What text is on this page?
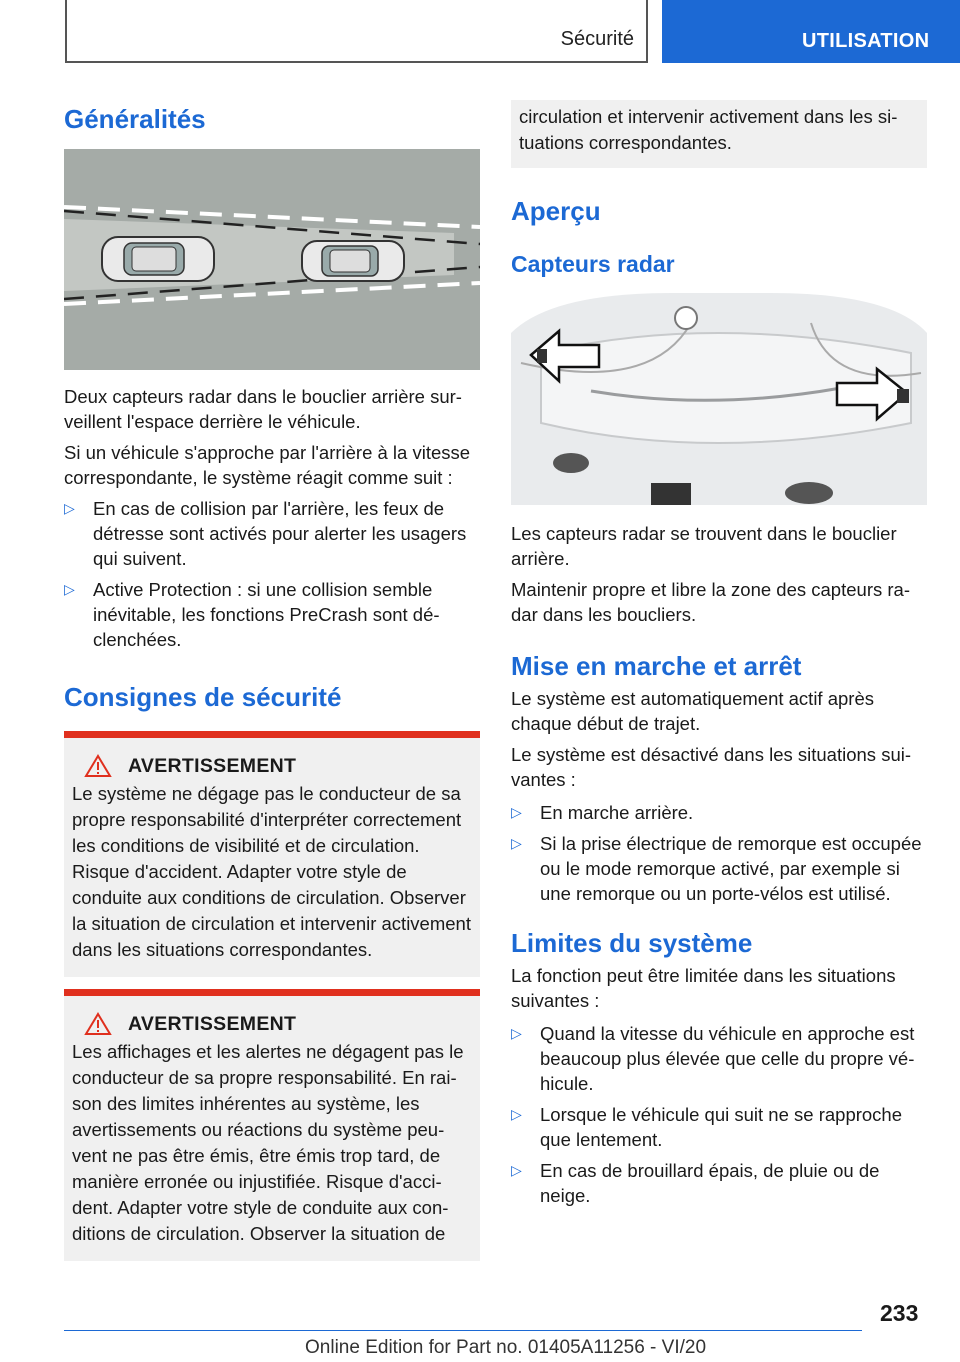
Sécurité	UTILISATION
Généralités

Deux capteurs radar dans le bouclier arrière surveillent l'espace derrière le véhicule.

Si un véhicule s'approche par l'arrière à la vitesse correspondante, le système réagit comme suit :

▷ En cas de collision par l'arrière, les feux de détresse sont activés pour alerter les usagers qui suivent.
▷ Active Protection : si une collision semble inévitable, les fonctions PreCrash sont déclenchées.
Consignes de sécurité
AVERTISSEMENT

Le système ne dégage pas le conducteur de sa propre responsabilité d'interpréter correctement les conditions de visibilité et de circulation. Risque d'accident. Adapter votre style de conduite aux conditions de circulation. Observer la situation de circulation et intervenir activement dans les situations correspondantes.

AVERTISSEMENT

Les affichages et les alertes ne dégagent pas le conducteur de sa propre responsabilité. En raison des limites inhérentes au système, les avertissements ou réactions du système peuvent ne pas être émis, être émis trop tard, de manière erronée ou injustifiée. Risque d'accident. Adapter votre style de conduite aux conditions de circulation. Observer la situation de

circulation et intervenir activement dans les situations correspondantes.

Aperçu
Capteurs radar

Les capteurs radar se trouvent dans le bouclier arrière.

Maintenir propre et libre la zone des capteurs radar dans les boucliers.

Mise en marche et arrêt

Le système est automatiquement actif après chaque début de trajet.

Le système est désactivé dans les situations suivantes :

▷ En marche arrière.
▷ Si la prise électrique de remorque est occupée ou le mode remorque activé, par exemple si une remorque ou un porte-vélos est utilisé.
Limites du système

La fonction peut être limitée dans les situations suivantes :

▷ Quand la vitesse du véhicule en approche est beaucoup plus élevée que celle du propre véhicule.
▷ Lorsque le véhicule qui suit ne se rapproche que lentement.
▷ En cas de brouillard épais, de pluie ou de neige.
233
Online Edition for Part no. 01405A11256 - VI/20
